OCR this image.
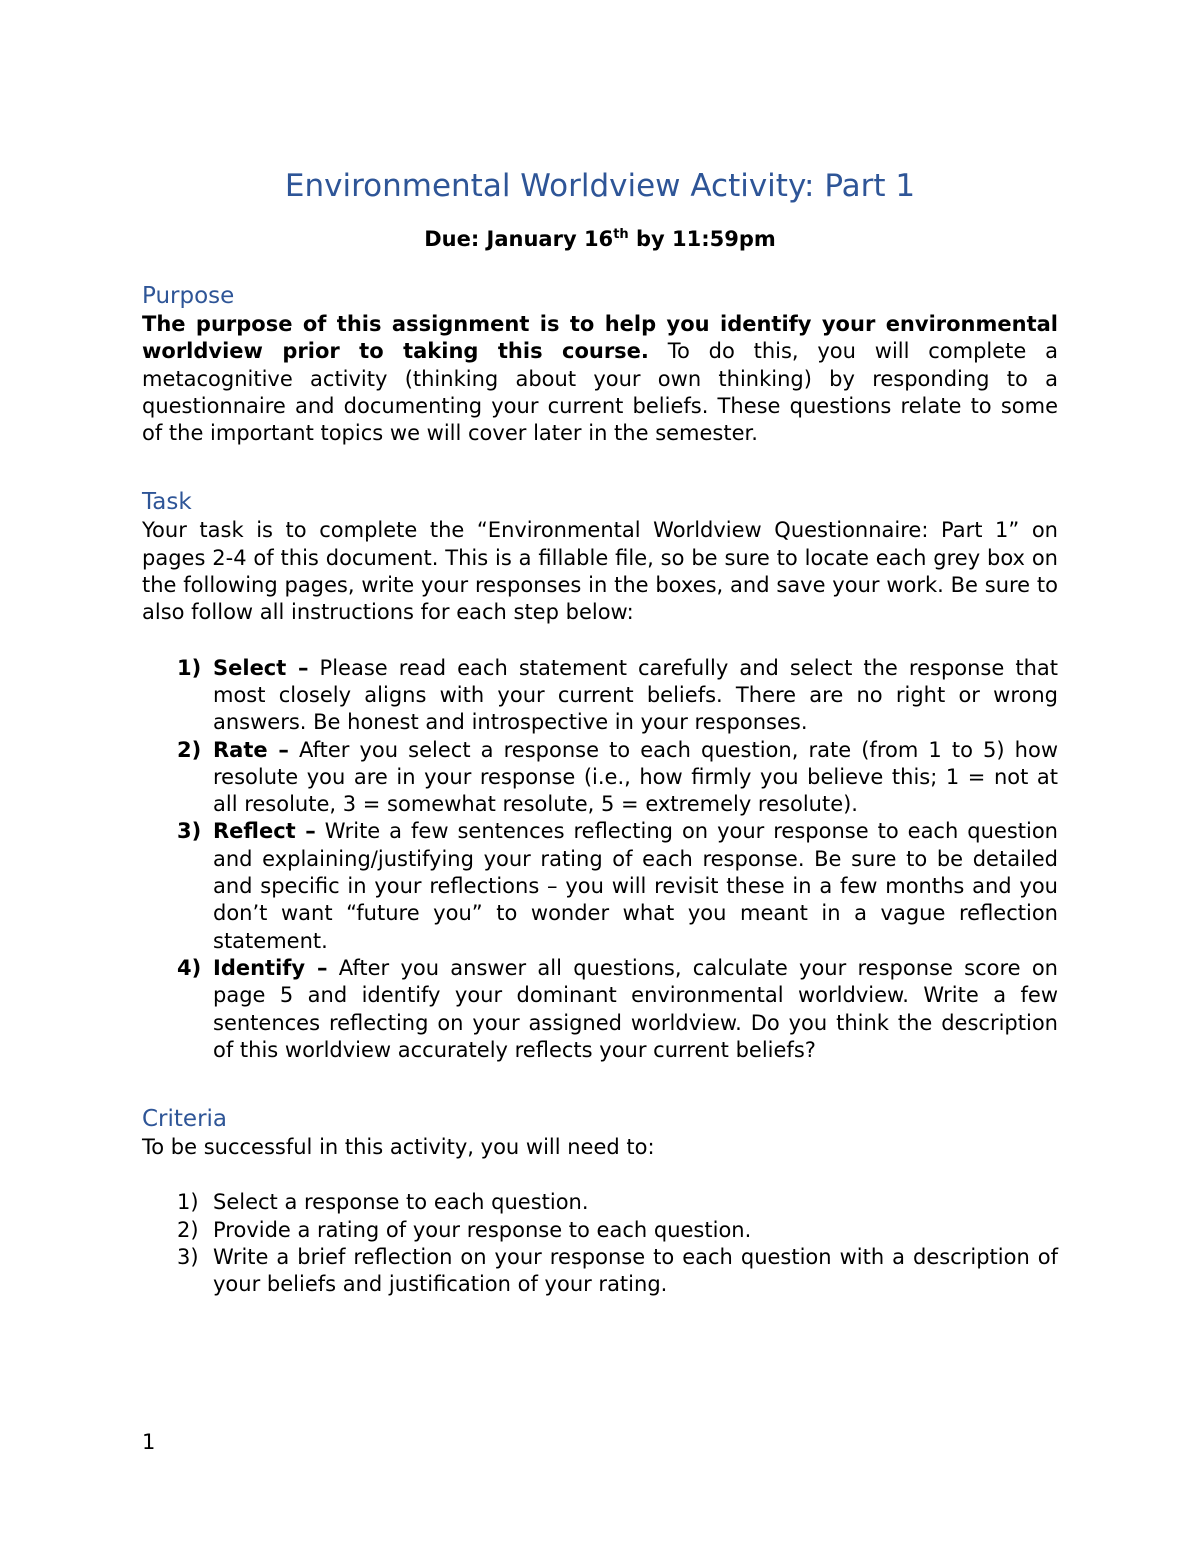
Environmental Worldview Activity: Part 1
Due: January 16th by 11:59pm
Purpose

The purpose of this assignment is to help you identify your environmental worldview prior to taking this course. To do this, you will complete a metacognitive activity (thinking about your own thinking) by responding to a questionnaire and documenting your current beliefs. These questions relate to some of the important topics we will cover later in the semester.

Task

Your task is to complete the “Environmental Worldview Questionnaire: Part 1” on pages 2-4 of this document. This is a fillable file, so be sure to locate each grey box on the following pages, write your responses in the boxes, and save your work. Be sure to also follow all instructions for each step below:

1) Select – Please read each statement carefully and select the response that most closely aligns with your current beliefs. There are no right or wrong answers. Be honest and introspective in your responses.
2) Rate – After you select a response to each question, rate (from 1 to 5) how resolute you are in your response (i.e., how firmly you believe this; 1 = not at all resolute, 3 = somewhat resolute, 5 = extremely resolute).
3) Reflect – Write a few sentences reflecting on your response to each question and explaining/justifying your rating of each response. Be sure to be detailed and specific in your reflections – you will revisit these in a few months and you don’t want “future you” to wonder what you meant in a vague reflection statement.
4) Identify – After you answer all questions, calculate your response score on page 5 and identify your dominant environmental worldview. Write a few sentences reflecting on your assigned worldview. Do you think the description of this worldview accurately reflects your current beliefs?
Criteria

To be successful in this activity, you will need to:

1) Select a response to each question.
2) Provide a rating of your response to each question.
3) Write a brief reflection on your response to each question with a description of your beliefs and justification of your rating.
1
